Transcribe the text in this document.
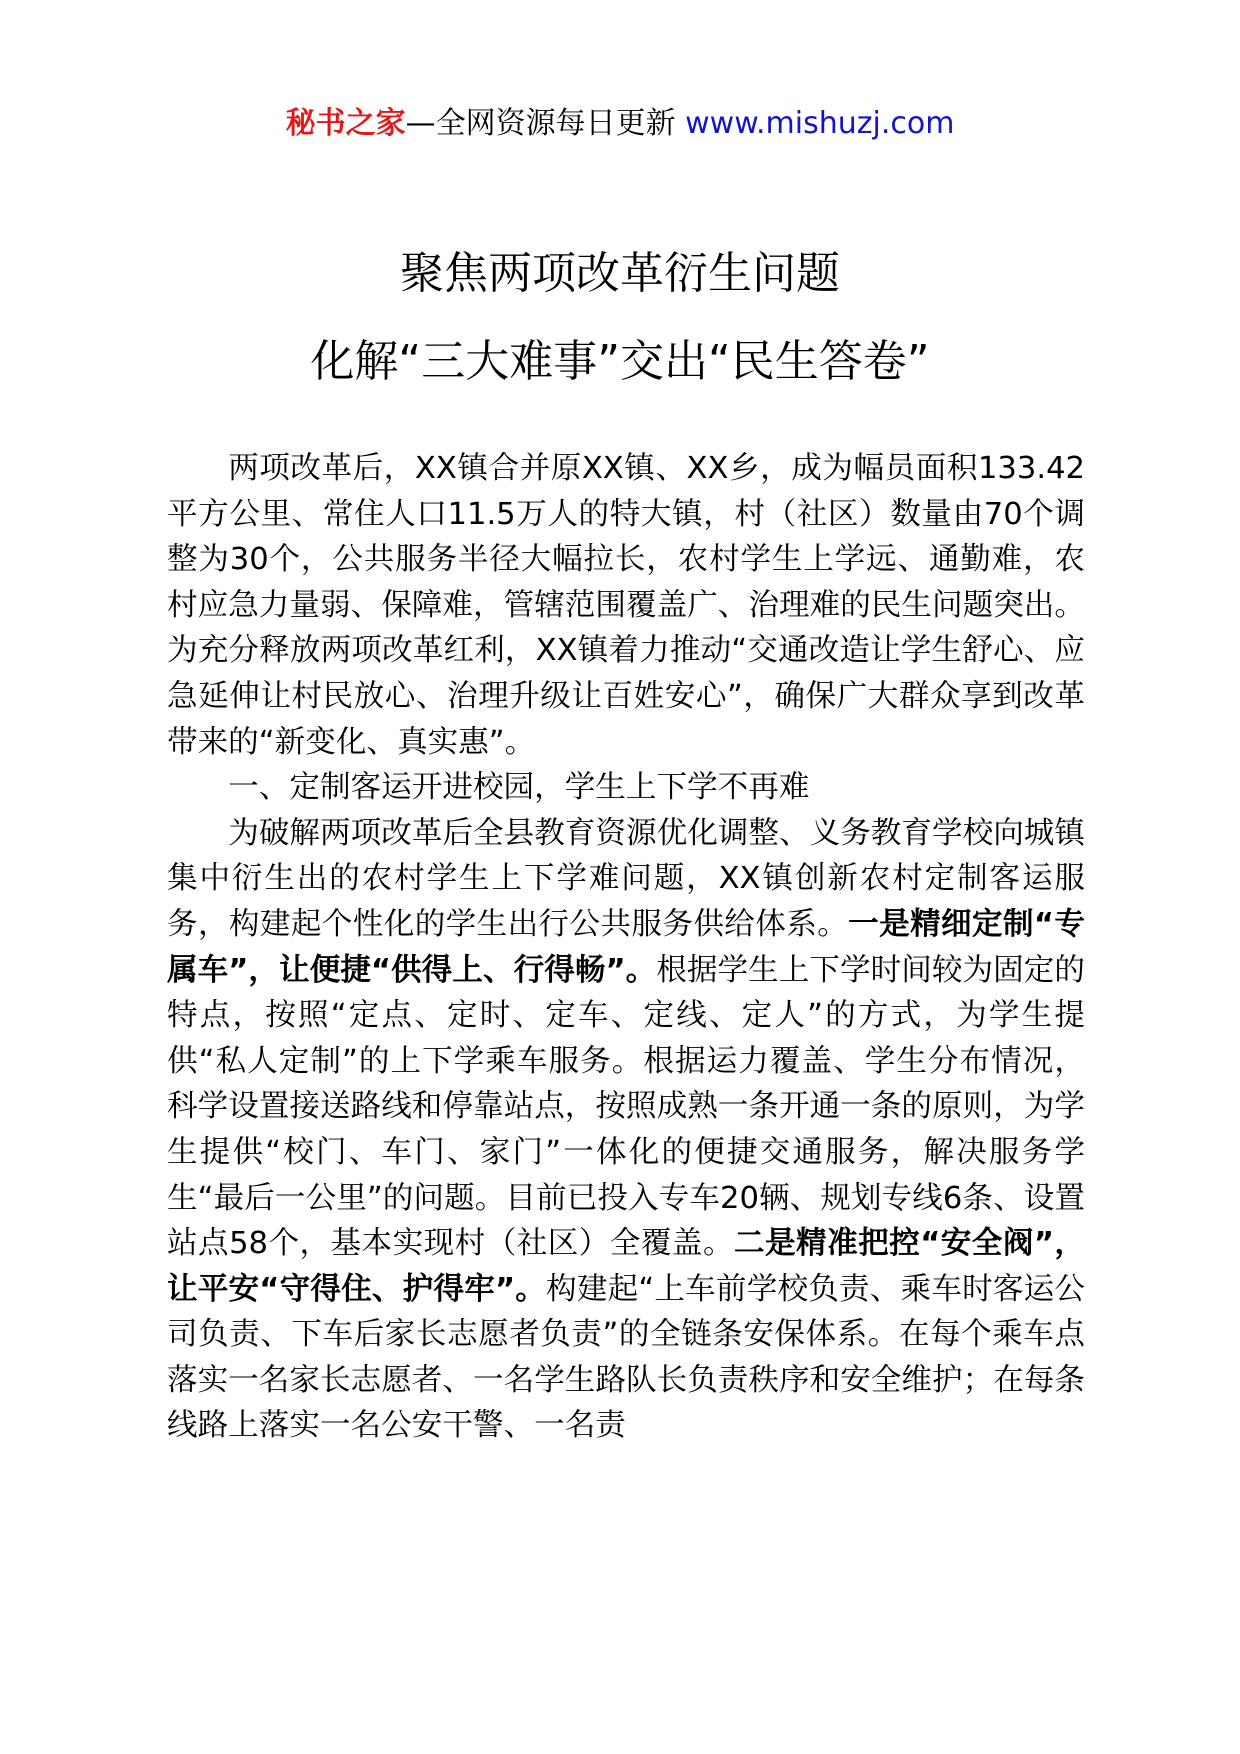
秘书之家—全网资源每日更新 www.mishuzj.com
聚焦两项改革衍生问题
化解“三大难事”交出“民生答卷”

两项改革后，XX镇合并原XX镇、XX乡，成为幅员面积133.42平方公里、常住人口11.5万人的特大镇，村（社区）数量由70个调整为30个，公共服务半径大幅拉长，农村学生上学远、通勤难，农村应急力量弱、保障难，管辖范围覆盖广、治理难的民生问题突出。为充分释放两项改革红利，XX镇着力推动“交通改造让学生舒心、应急延伸让村民放心、治理升级让百姓安心”，确保广大群众享到改革带来的“新变化、真实惠”。

一、定制客运开进校园，学生上下学不再难

为破解两项改革后全县教育资源优化调整、义务教育学校向城镇集中衍生出的农村学生上下学难问题，XX镇创新农村定制客运服务，构建起个性化的学生出行公共服务供给体系。一是精细定制“专属车”，让便捷“供得上、行得畅”。根据学生上下学时间较为固定的特点，按照“定点、定时、定车、定线、定人”的方式，为学生提供“私人定制”的上下学乘车服务。根据运力覆盖、学生分布情况，科学设置接送路线和停靠站点，按照成熟一条开通一条的原则，为学生提供“校门、车门、家门”一体化的便捷交通服务，解决服务学生“最后一公里”的问题。目前已投入专车20辆、规划专线6条、设置站点58个，基本实现村（社区）全覆盖。二是精准把控“安全阀”，让平安“守得住、护得牢”。构建起“上车前学校负责、乘车时客运公司负责、下车后家长志愿者负责”的全链条安保体系。在每个乘车点落实一名家长志愿者、一名学生路队长负责秩序和安全维护；在每条线路上落实一名公安干警、一名责
